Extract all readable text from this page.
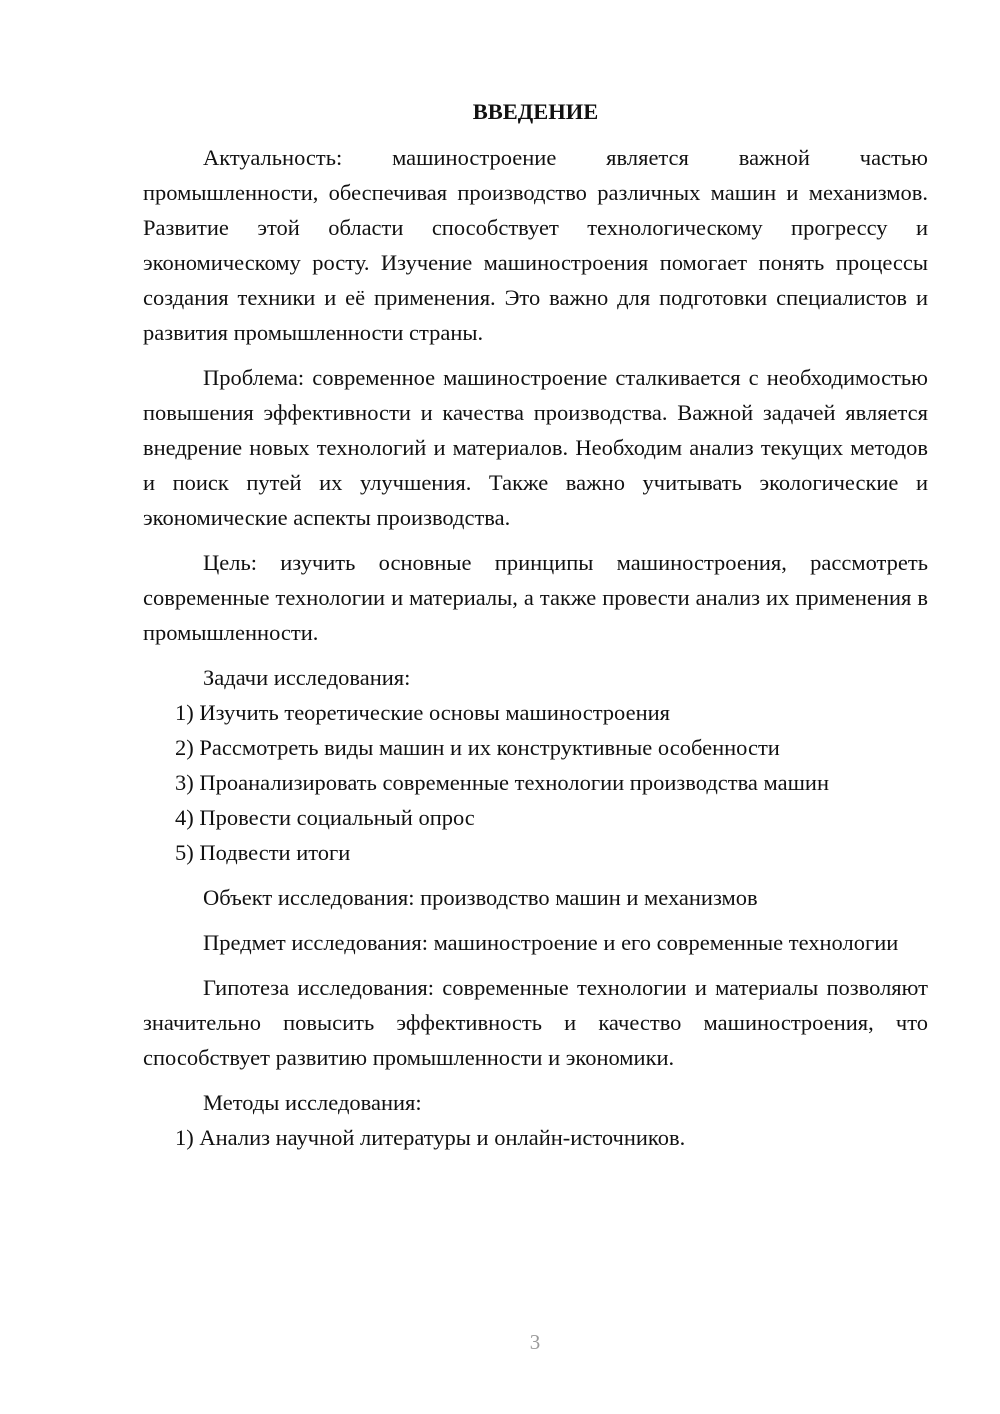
ВВЕДЕНИЕ

Актуальность: машиностроение является важной частью промышленности, обеспечивая производство различных машин и механизмов. Развитие этой области способствует технологическому прогрессу и экономическому росту. Изучение машиностроения помогает понять процессы создания техники и её применения. Это важно для подготовки специалистов и развития промышленности страны.

Проблема: современное машиностроение сталкивается с необходимостью повышения эффективности и качества производства. Важной задачей является внедрение новых технологий и материалов. Необходим анализ текущих методов и поиск путей их улучшения. Также важно учитывать экологические и экономические аспекты производства.

Цель: изучить основные принципы машиностроения, рассмотреть современные технологии и материалы, а также провести анализ их применения в промышленности.

Задачи исследования:

1) Изучить теоретические основы машиностроения
2) Рассмотреть виды машин и их конструктивные особенности
3) Проанализировать современные технологии производства машин
4) Провести социальный опрос
5) Подвести итоги

Объект исследования: производство машин и механизмов

Предмет исследования: машиностроение и его современные технологии

Гипотеза исследования: современные технологии и материалы позволяют значительно повысить эффективность и качество машиностроения, что способствует развитию промышленности и экономики.

Методы исследования:

1) Анализ научной литературы и онлайн-источников.
3
